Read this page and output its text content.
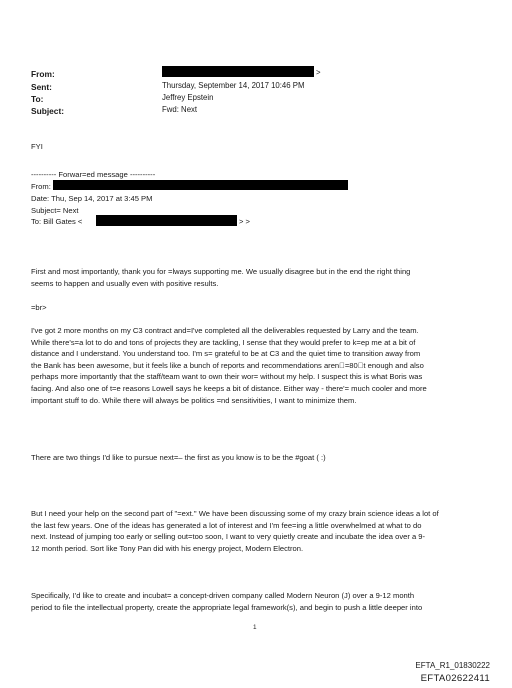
From:	>
Sent:	Thursday, September 14, 2017 10:46 PM
To:	Jeffrey Epstein
Subject:	Fwd: Next
FYI
---------- Forwar=ed message ----------
From:
Date: Thu, Sep 14, 2017 at 3:45 PM
Subject= Next
To: Bill Gates <	> >
First and most importantly, thank you for =lways supporting me. We usually disagree but in the end the right thing
seems to happen and usually even with positive results.
=br>
I've got 2 more months on my C3 contract and=I've completed all the deliverables requested by Larry and the team.
While there's=a lot to do and tons of projects they are tackling, I sense that they would prefer to k=ep me at a bit of
distance and I understand. You understand too. I'm s= grateful to be at C3 and the quiet time to transition away from
the Bank has been awesome, but it feels like a bunch of reports and recommendations aren =80 t enough and also
perhaps more importantly that the staff/team want to own their wor= without my help. I suspect this is what Boris was
facing. And also one of t=e reasons Lowell says he keeps a bit of distance. Either way - there'= much cooler and more
important stuff to do. While there will always be politics =nd sensitivities, I want to minimize them.
There are two things I'd like to pursue next=– the first as you know is to be the #goat ( :)
But I need your help on the second part of "=ext." We have been discussing some of my crazy brain science ideas a lot of
the last few years. One of the ideas has generated a lot of interest and I'm fee=ing a little overwhelmed at what to do
next. Instead of jumping too early or selling out=too soon, I want to very quietly create and incubate the idea over a 9-
12 month period. Sort like Tony Pan did with his energy project, Modern Electron.
Specifically, I'd like to create and incubat= a concept-driven company called Modern Neuron (J) over a 9-12 month
period to file the intellectual property, create the appropriate legal framework(s), and begin to push a little deeper into
1
EFTA_R1_01830222
EFTA02622411
